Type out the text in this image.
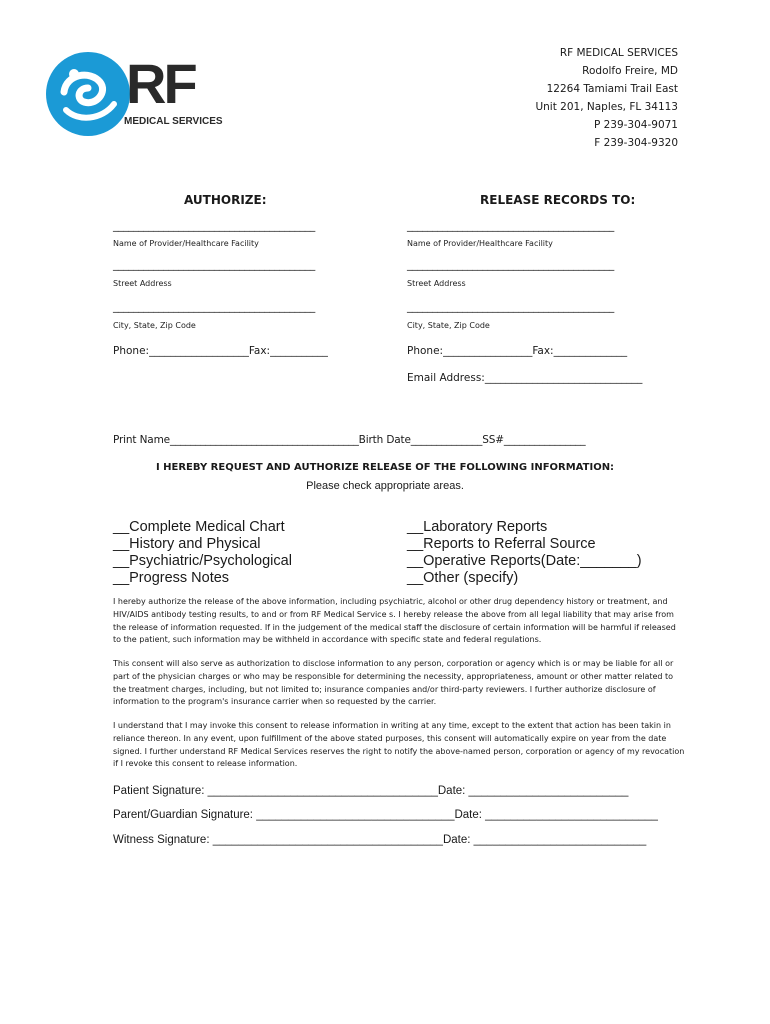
RF
MEDICAL SERVICES
RF MEDICAL SERVICES
Rodolfo Freire, MD
12264 Tamiami Trail East
Unit 201, Naples, FL 34113
P 239-304-9071
F 239-304-9320
AUTHORIZE:
________________________________________
Name of Provider/Healthcare Facility
________________________________________
Street Address
________________________________________
City, State, Zip Code
Phone:___________________Fax:___________
RELEASE RECORDS TO:
_________________________________________
Name of Provider/Healthcare Facility
_________________________________________
Street Address
_________________________________________
City, State, Zip Code
Phone:_________________Fax:______________
Email Address:______________________________
Print Name_____________________________________Birth Date______________SS#________________
I HEREBY REQUEST AND AUTHORIZE RELEASE OF THE FOLLOWING INFORMATION:
Please check appropriate areas.
__Complete Medical Chart
__History and Physical
__Psychiatric/Psychological
__Progress Notes
__Laboratory Reports
__Reports to Referral Source
__Operative Reports(Date:_______)
__Other (specify)
I hereby authorize the release of the above information, including psychiatric, alcohol or other drug dependency history or treatment, and HIV/AIDS antibody testing results, to and or from RF Medical Service s. I hereby release the above from all legal liability that may arise from the release of information requested. If in the judgement of the medical staff the disclosure of certain information will be harmful if released to the patient, such information may be withheld in accordance with specific state and federal regulations.
This consent will also serve as authorization to disclose information to any person, corporation or agency which is or may be liable for all or part of the physician charges or who may be responsible for determining the necessity, appropriateness, amount or other matter related to the treatment charges, including, but not limited to; insurance companies and/or third-party reviewers. I further authorize disclosure of information to the program's insurance carrier when so requested by the carrier.
I understand that I may invoke this consent to release information in writing at any time, except to the extent that action has been takin in reliance thereon. In any event, upon fulfillment of the above stated purposes, this consent will automatically expire on year from the date signed. I further understand RF Medical Services reserves the right to notify the above-named person, corporation or agency of my revocation if I revoke this consent to release information.
Patient Signature: ____________________________________Date: _________________________
Parent/Guardian Signature: _______________________________Date: ___________________________
Witness Signature: ____________________________________Date: ___________________________
